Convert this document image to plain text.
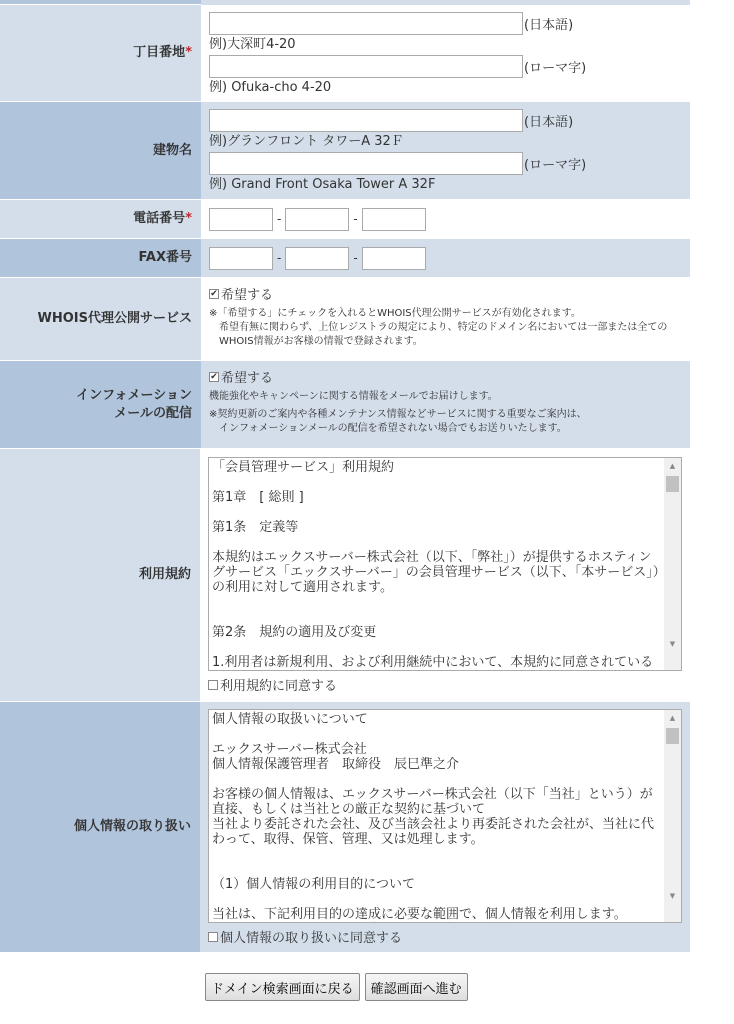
丁目番地 *
(日本語)
例)大深町4-20
(ローマ字)
例) Ofuka-cho 4-20
建物名
(日本語)
例)グランフロント タワーA 32Ｆ
(ローマ字)
例) Grand Front Osaka Tower A 32F
電話番号 *	-	-
FAX番号	-	-
WHOIS代理公開サービス
✔ 希望する
※「希望する」にチェックを入れるとWHOIS代理公開サービスが有効化されます。
希望有無に関わらず、上位レジストラの規定により、特定のドメイン名においては一部または全てのWHOIS情報がお客様の情報で登録されます。
インフォメーション
メールの配信
✔ 希望する
機能強化やキャンペーンに関する情報をメールでお届けします。
※契約更新のご案内や各種メンテナンス情報などサービスに関する重要なご案内は、
インフォメーションメールの配信を希望されない場合でもお送りいたします。
利用規約
「会員管理サービス」利用規約

第1章　[ 総則 ]

第1条　定義等

本規約はエックスサーバー株式会社（以下、「弊社」）が提供するホスティングサービス「エックスサーバー」の会員管理サービス（以下、「本サービス」）の利用に対して適用されます。

第2条　規約の適用及び変更

1.利用者は新規利用、および利用継続中において、本規約に同意されている

▲
▼
利用規約に同意する
個人情報の取り扱い
個人情報の取扱いについて

エックスサーバー株式会社
個人情報保護管理者　取締役　辰巳準之介

お客様の個人情報は、エックスサーバー株式会社（以下「当社」という）が直接、もしくは当社との厳正な契約に基づいて
当社より委託された会社、及び当該会社より再委託された会社が、当社に代わって、取得、保管、管理、又は処理します。

（1）個人情報の利用目的について

当社は、下記利用目的の達成に必要な範囲で、個人情報を利用します。

▲
▼
個人情報の取り扱いに同意する
ドメイン検索画面に戻る	確認画面へ進む
